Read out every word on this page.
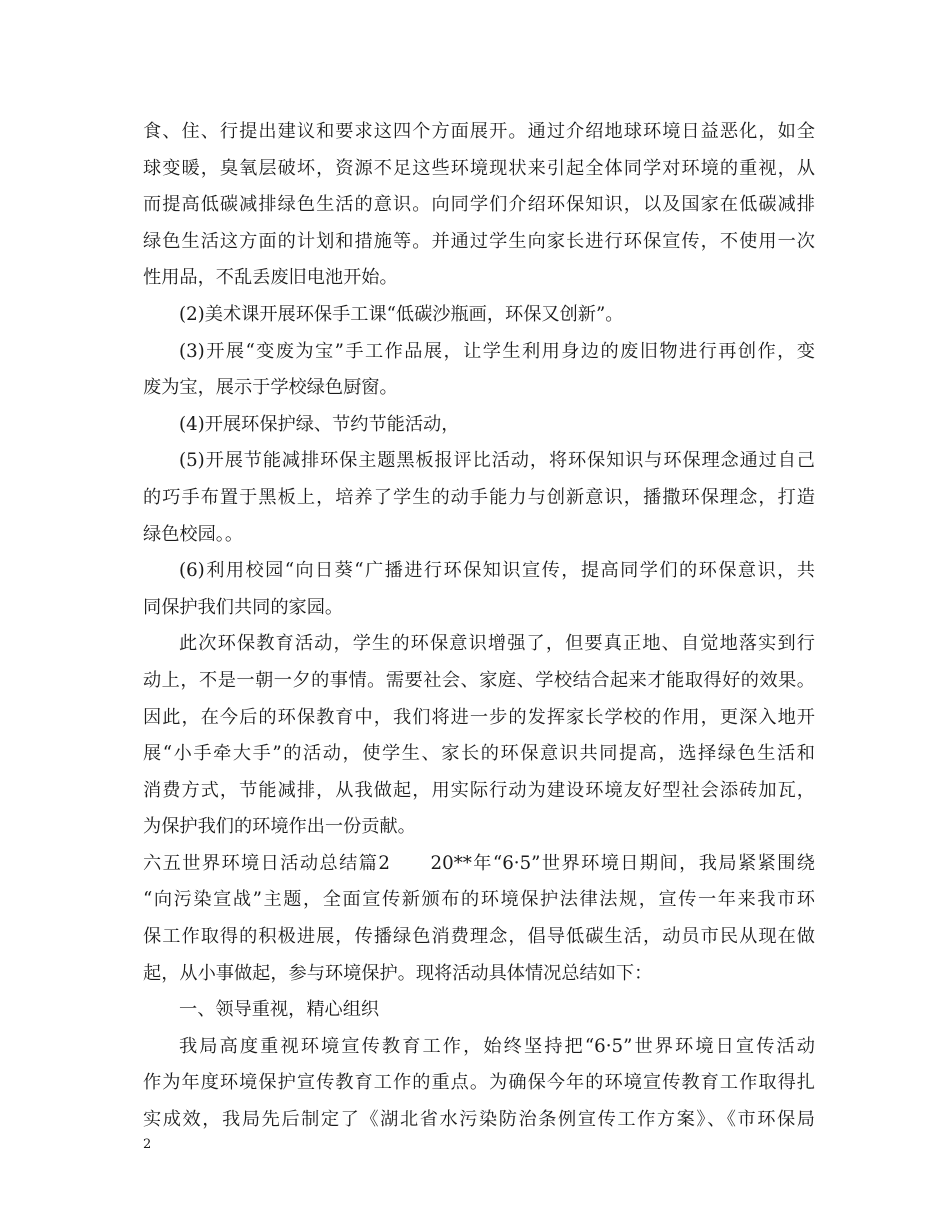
食、住、行提出建议和要求这四个方面展开。通过介绍地球环境日益恶化，如全
球变暖，臭氧层破坏，资源不足这些环境现状来引起全体同学对环境的重视，从
而提高低碳减排绿色生活的意识。向同学们介绍环保知识，以及国家在低碳减排
绿色生活这方面的计划和措施等。并通过学生向家长进行环保宣传，不使用一次
性用品，不乱丢废旧电池开始。
(2)美术课开展环保手工课“低碳沙瓶画，环保又创新”。
(3)开展“变废为宝”手工作品展，让学生利用身边的废旧物进行再创作，变
废为宝，展示于学校绿色厨窗。
(4)开展环保护绿、节约节能活动，
(5)开展节能减排环保主题黑板报评比活动，将环保知识与环保理念通过自己
的巧手布置于黑板上，培养了学生的动手能力与创新意识，播撒环保理念，打造
绿色校园。。
(6)利用校园“向日葵“广播进行环保知识宣传，提高同学们的环保意识，共
同保护我们共同的家园。
此次环保教育活动，学生的环保意识增强了，但要真正地、自觉地落实到行
动上，不是一朝一夕的事情。需要社会、家庭、学校结合起来才能取得好的效果。
因此，在今后的环保教育中，我们将进一步的发挥家长学校的作用，更深入地开
展“小手牵大手”的活动，使学生、家长的环保意识共同提高，选择绿色生活和
消费方式，节能减排，从我做起，用实际行动为建设环境友好型社会添砖加瓦，
为保护我们的环境作出一份贡献。
六五世界环境日活动总结篇2　　20**年“6·5”世界环境日期间，我局紧紧围绕
“向污染宣战”主题，全面宣传新颁布的环境保护法律法规，宣传一年来我市环
保工作取得的积极进展，传播绿色消费理念，倡导低碳生活，动员市民从现在做
起，从小事做起，参与环境保护。现将活动具体情况总结如下：
一、领导重视，精心组织
我局高度重视环境宣传教育工作，始终坚持把“6·5”世界环境日宣传活动
作为年度环境保护宣传教育工作的重点。为确保今年的环境宣传教育工作取得扎
实成效，我局先后制定了《湖北省水污染防治条例宣传工作方案》、《市环保局
2
